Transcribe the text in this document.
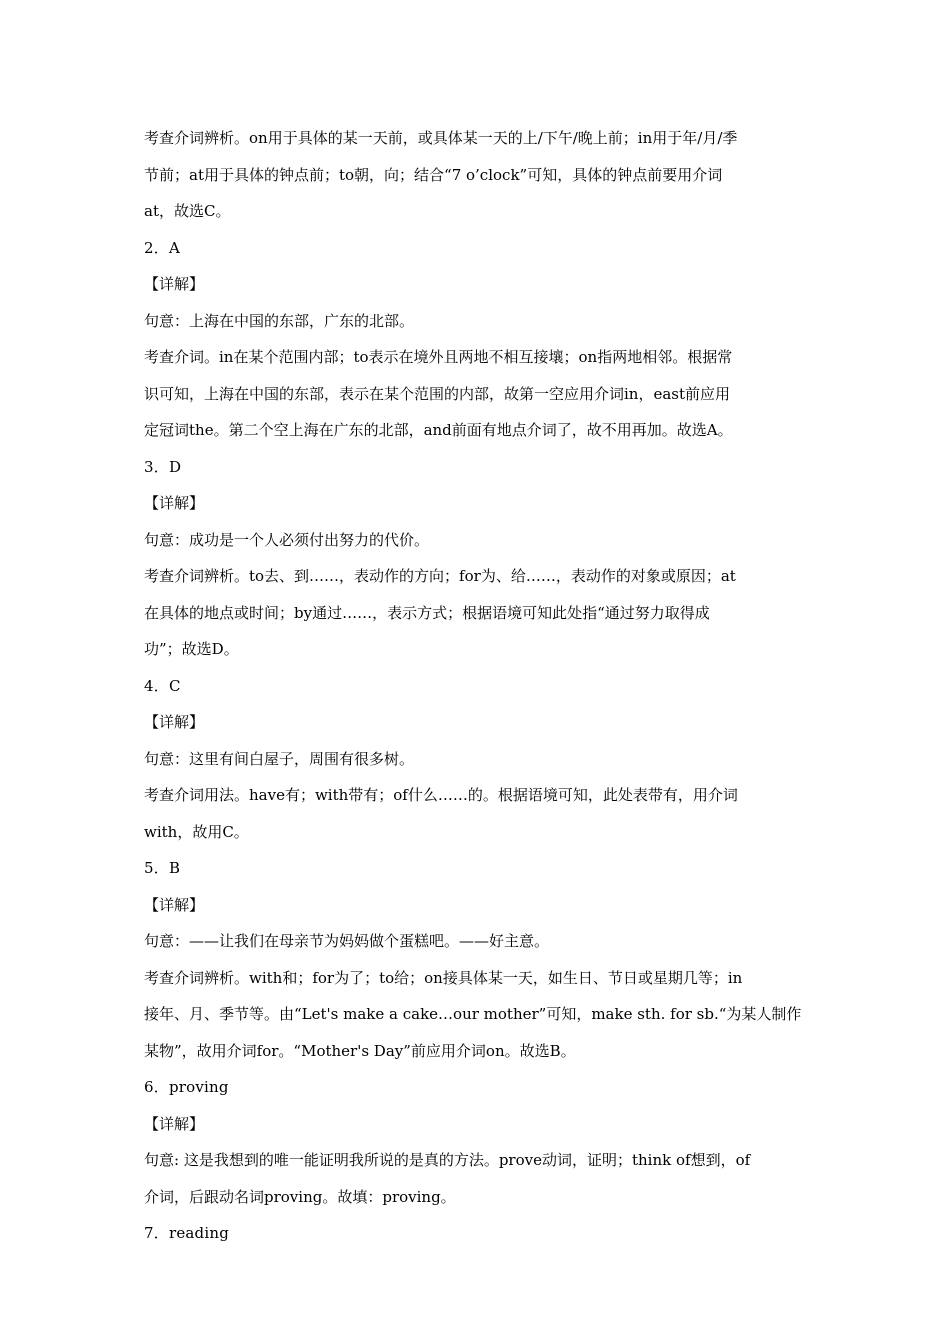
考查介词辨析。on用于具体的某一天前，或具体某一天的上/下午/晚上前；in用于年/月/季
节前；at用于具体的钟点前；to朝，向；结合“7 o’clock”可知，具体的钟点前要用介词
at，故选C。
2．A
【详解】
句意：上海在中国的东部，广东的北部。
考查介词。in在某个范围内部；to表示在境外且两地不相互接壤；on指两地相邻。根据常
识可知，上海在中国的东部，表示在某个范围的内部，故第一空应用介词in，east前应用
定冠词the。第二个空上海在广东的北部，and前面有地点介词了，故不用再加。故选A。
3．D
【详解】
句意：成功是一个人必须付出努力的代价。
考查介词辨析。to去、到……，表动作的方向；for为、给……，表动作的对象或原因；at
在具体的地点或时间；by通过……，表示方式；根据语境可知此处指“通过努力取得成
功”；故选D。
4．C
【详解】
句意：这里有间白屋子，周围有很多树。
考查介词用法。have有；with带有；of什么……的。根据语境可知，此处表带有，用介词
with，故用C。
5．B
【详解】
句意：——让我们在母亲节为妈妈做个蛋糕吧。——好主意。
考查介词辨析。with和；for为了；to给；on接具体某一天，如生日、节日或星期几等；in
接年、月、季节等。由“Let's make a cake…our mother”可知，make sth. for sb.“为某人制作
某物”，故用介词for。“Mother's Day”前应用介词on。故选B。
6．proving
【详解】
句意: 这是我想到的唯一能证明我所说的是真的方法。prove动词，证明；think of想到，of
介词，后跟动名词proving。故填：proving。
7．reading
